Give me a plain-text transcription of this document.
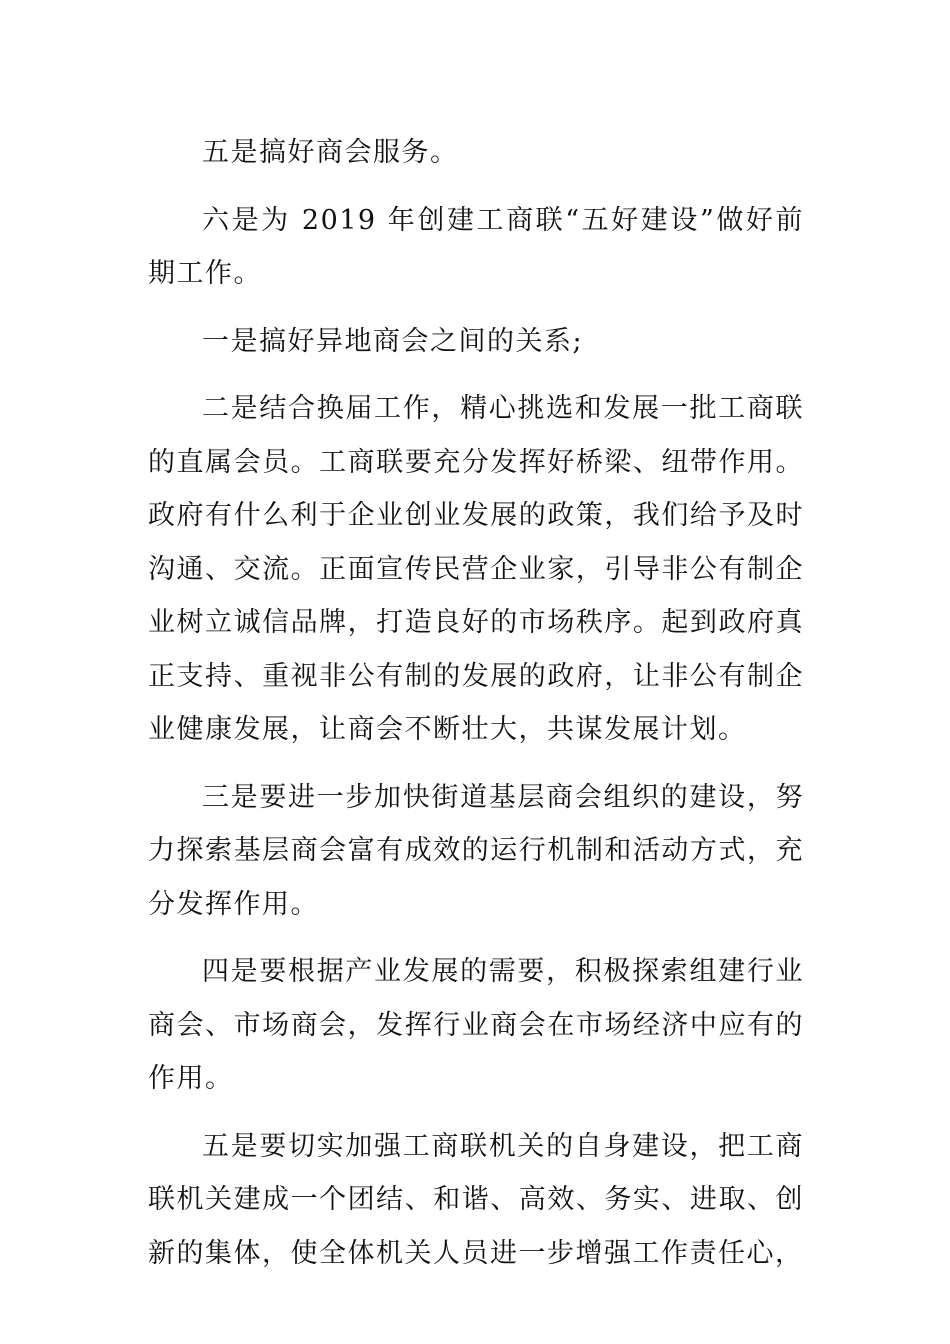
五是搞好商会服务。

六是为 2019 年创建工商联“五好建设”做好前期工作。

一是搞好异地商会之间的关系;

二是结合换届工作，精心挑选和发展一批工商联的直属会员。工商联要充分发挥好桥梁、纽带作用。政府有什么利于企业创业发展的政策，我们给予及时沟通、交流。正面宣传民营企业家，引导非公有制企业树立诚信品牌，打造良好的市场秩序。起到政府真正支持、重视非公有制的发展的政府，让非公有制企业健康发展，让商会不断壮大，共谋发展计划。

三是要进一步加快街道基层商会组织的建设，努力探索基层商会富有成效的运行机制和活动方式，充分发挥作用。

四是要根据产业发展的需要，积极探索组建行业商会、市场商会，发挥行业商会在市场经济中应有的作用。

五是要切实加强工商联机关的自身建设，把工商联机关建成一个团结、和谐、高效、务实、进取、创新的集体，使全体机关人员进一步增强工作责任心，
